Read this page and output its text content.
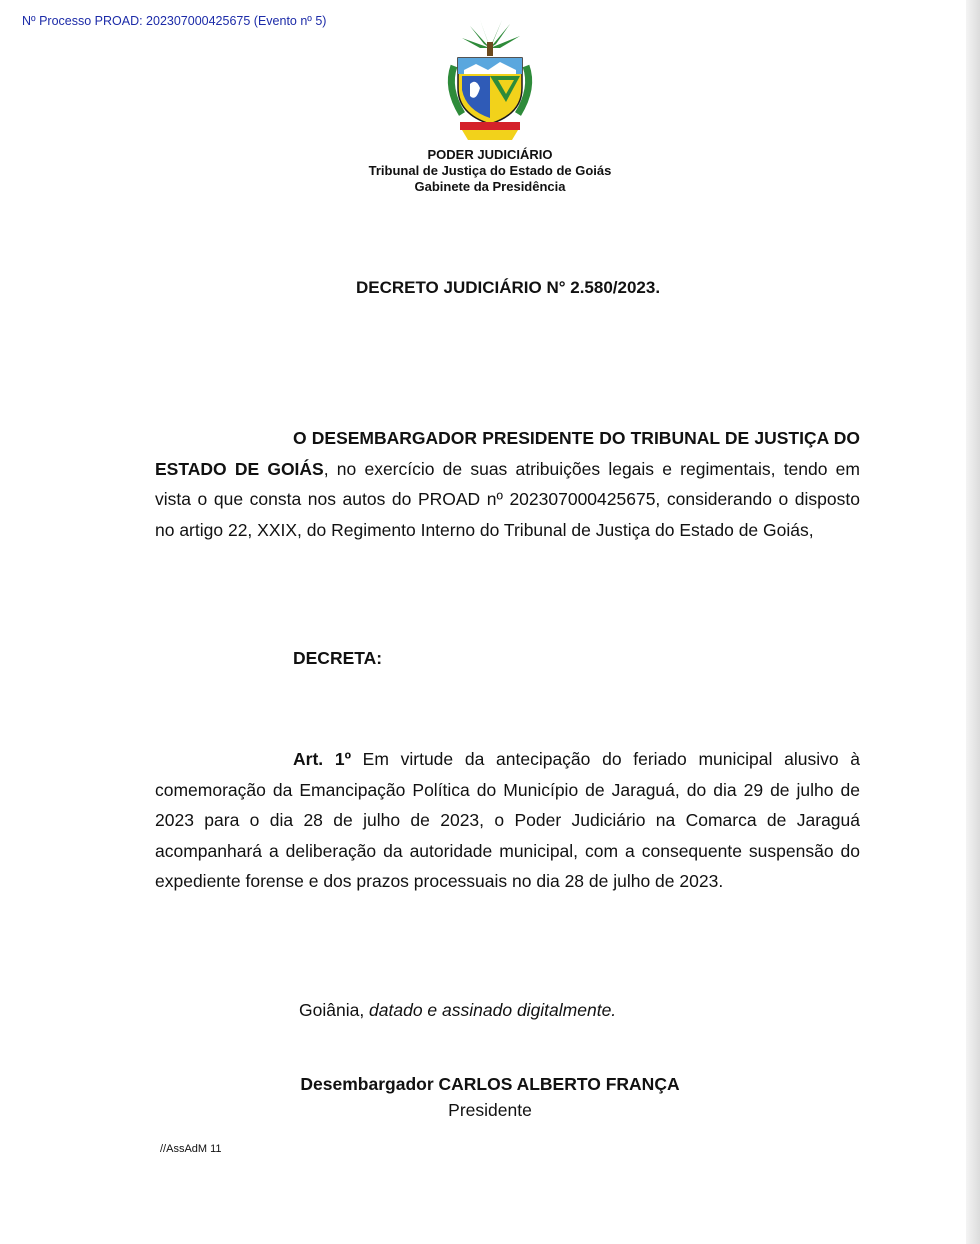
Nº Processo PROAD: 202307000425675 (Evento nº 5)
PODER JUDICIÁRIO
Tribunal de Justiça do Estado de Goiás
Gabinete da Presidência
DECRETO JUDICIÁRIO N° 2.580/2023.
O DESEMBARGADOR PRESIDENTE DO TRIBUNAL DE JUSTIÇA DO ESTADO DE GOIÁS, no exercício de suas atribuições legais e regimentais, tendo em vista o que consta nos autos do PROAD nº 202307000425675, considerando o disposto no artigo 22, XXIX, do Regimento Interno do Tribunal de Justiça do Estado de Goiás,
DECRETA:
Art. 1º Em virtude da antecipação do feriado municipal alusivo à comemoração da Emancipação Política do Município de Jaraguá, do dia 29 de julho de 2023 para o dia 28 de julho de 2023, o Poder Judiciário na Comarca de Jaraguá acompanhará a deliberação da autoridade municipal, com a consequente suspensão do expediente forense e dos prazos processuais no dia 28 de julho de 2023.
Goiânia, datado e assinado digitalmente.
Desembargador CARLOS ALBERTO FRANÇA
Presidente
//AssAdM 11
